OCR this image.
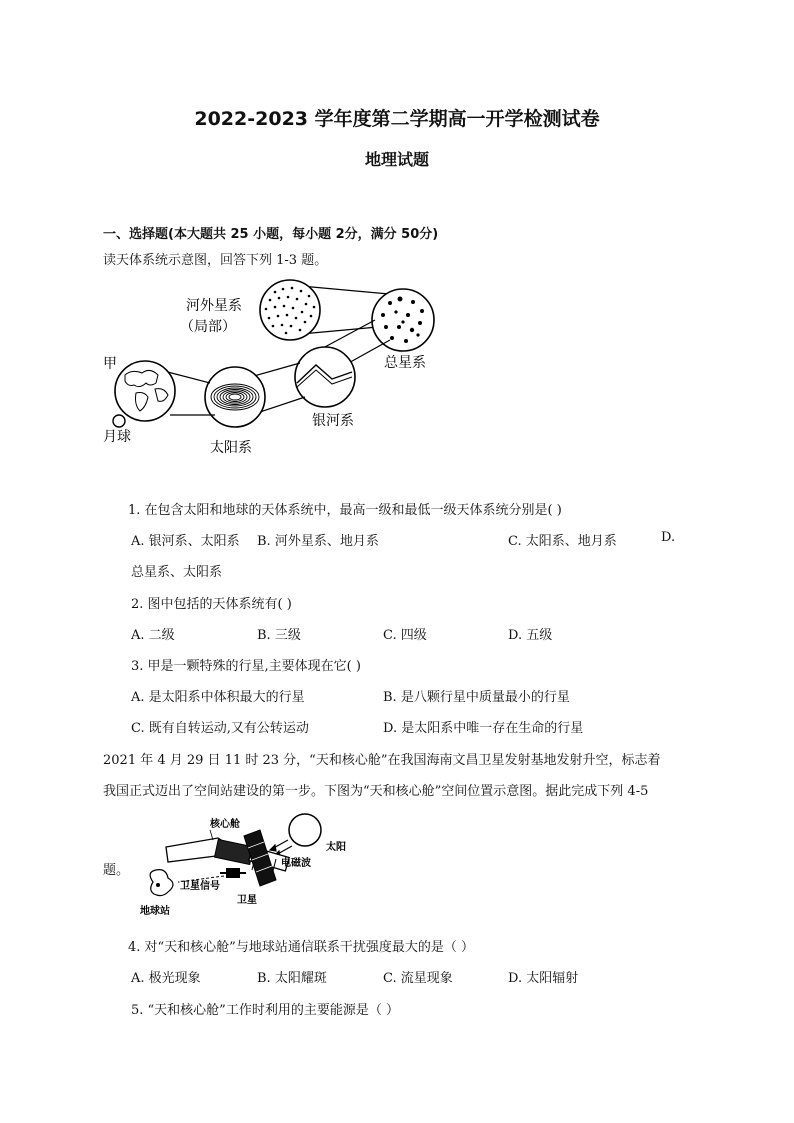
2022-2023 学年度第二学期高一开学检测试卷
地理试题
一、选择题(本大题共 25 小题，每小题 2分，满分 50分)
读天体系统示意图，回答下列 1-3 题。
河外星系
（局部）
总星系
甲
月球
太阳系
银河系
1. 在包含太阳和地球的天体系统中，最高一级和最低一级天体系统分别是( )
A. 银河系、太阳系 B. 河外星系、地月系	C. 太阳系、地月系	D.
总星系、太阳系
2. 图中包括的天体系统有( )
A. 二级	B. 三级	C. 四级	D. 五级
3. 甲是一颗特殊的行星,主要体现在它( )
A. 是太阳系中体积最大的行星	B. 是八颗行星中质量最小的行星
C. 既有自转运动,又有公转运动	D. 是太阳系中唯一存在生命的行星
2021 年 4 月 29 日 11 时 23 分，“天和核心舱”在我国海南文昌卫星发射基地发射升空，标志着
我国正式迈出了空间站建设的第一步。下图为“天和核心舱”空间位置示意图。据此完成下列 4-5
题。
核心舱
太阳
电磁波
卫星信号
卫星
地球站
4. 对“天和核心舱”与地球站通信联系干扰强度最大的是（ ）
A. 极光现象	B. 太阳耀斑	C. 流星现象	D. 太阳辐射
5. “天和核心舱”工作时利用的主要能源是（ ）
